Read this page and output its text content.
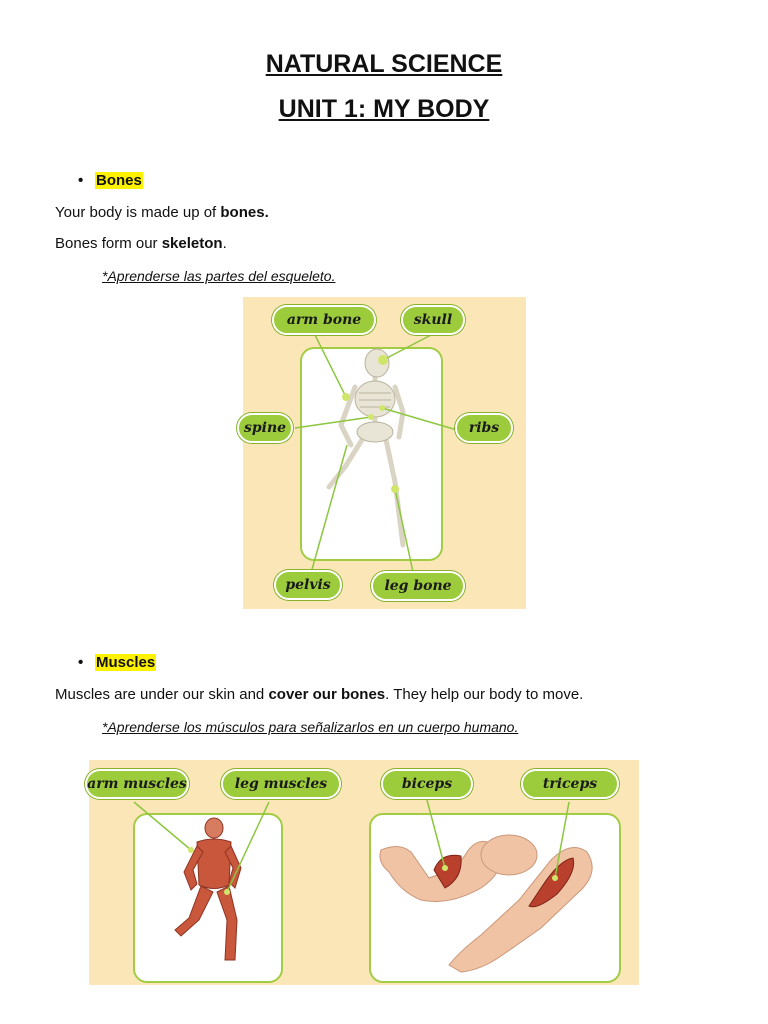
NATURAL SCIENCE
UNIT 1: MY BODY
• Bones
Your body is made up of bones.
Bones form our skeleton.
*Aprenderse las partes del esqueleto.
arm bone	skull
spine	ribs
pelvis	leg bone
• Muscles
Muscles are under our skin and cover our bones. They help our body to move.
*Aprenderse los músculos para señalizarlos en un cuerpo humano.
arm muscles	leg muscles	biceps	triceps
